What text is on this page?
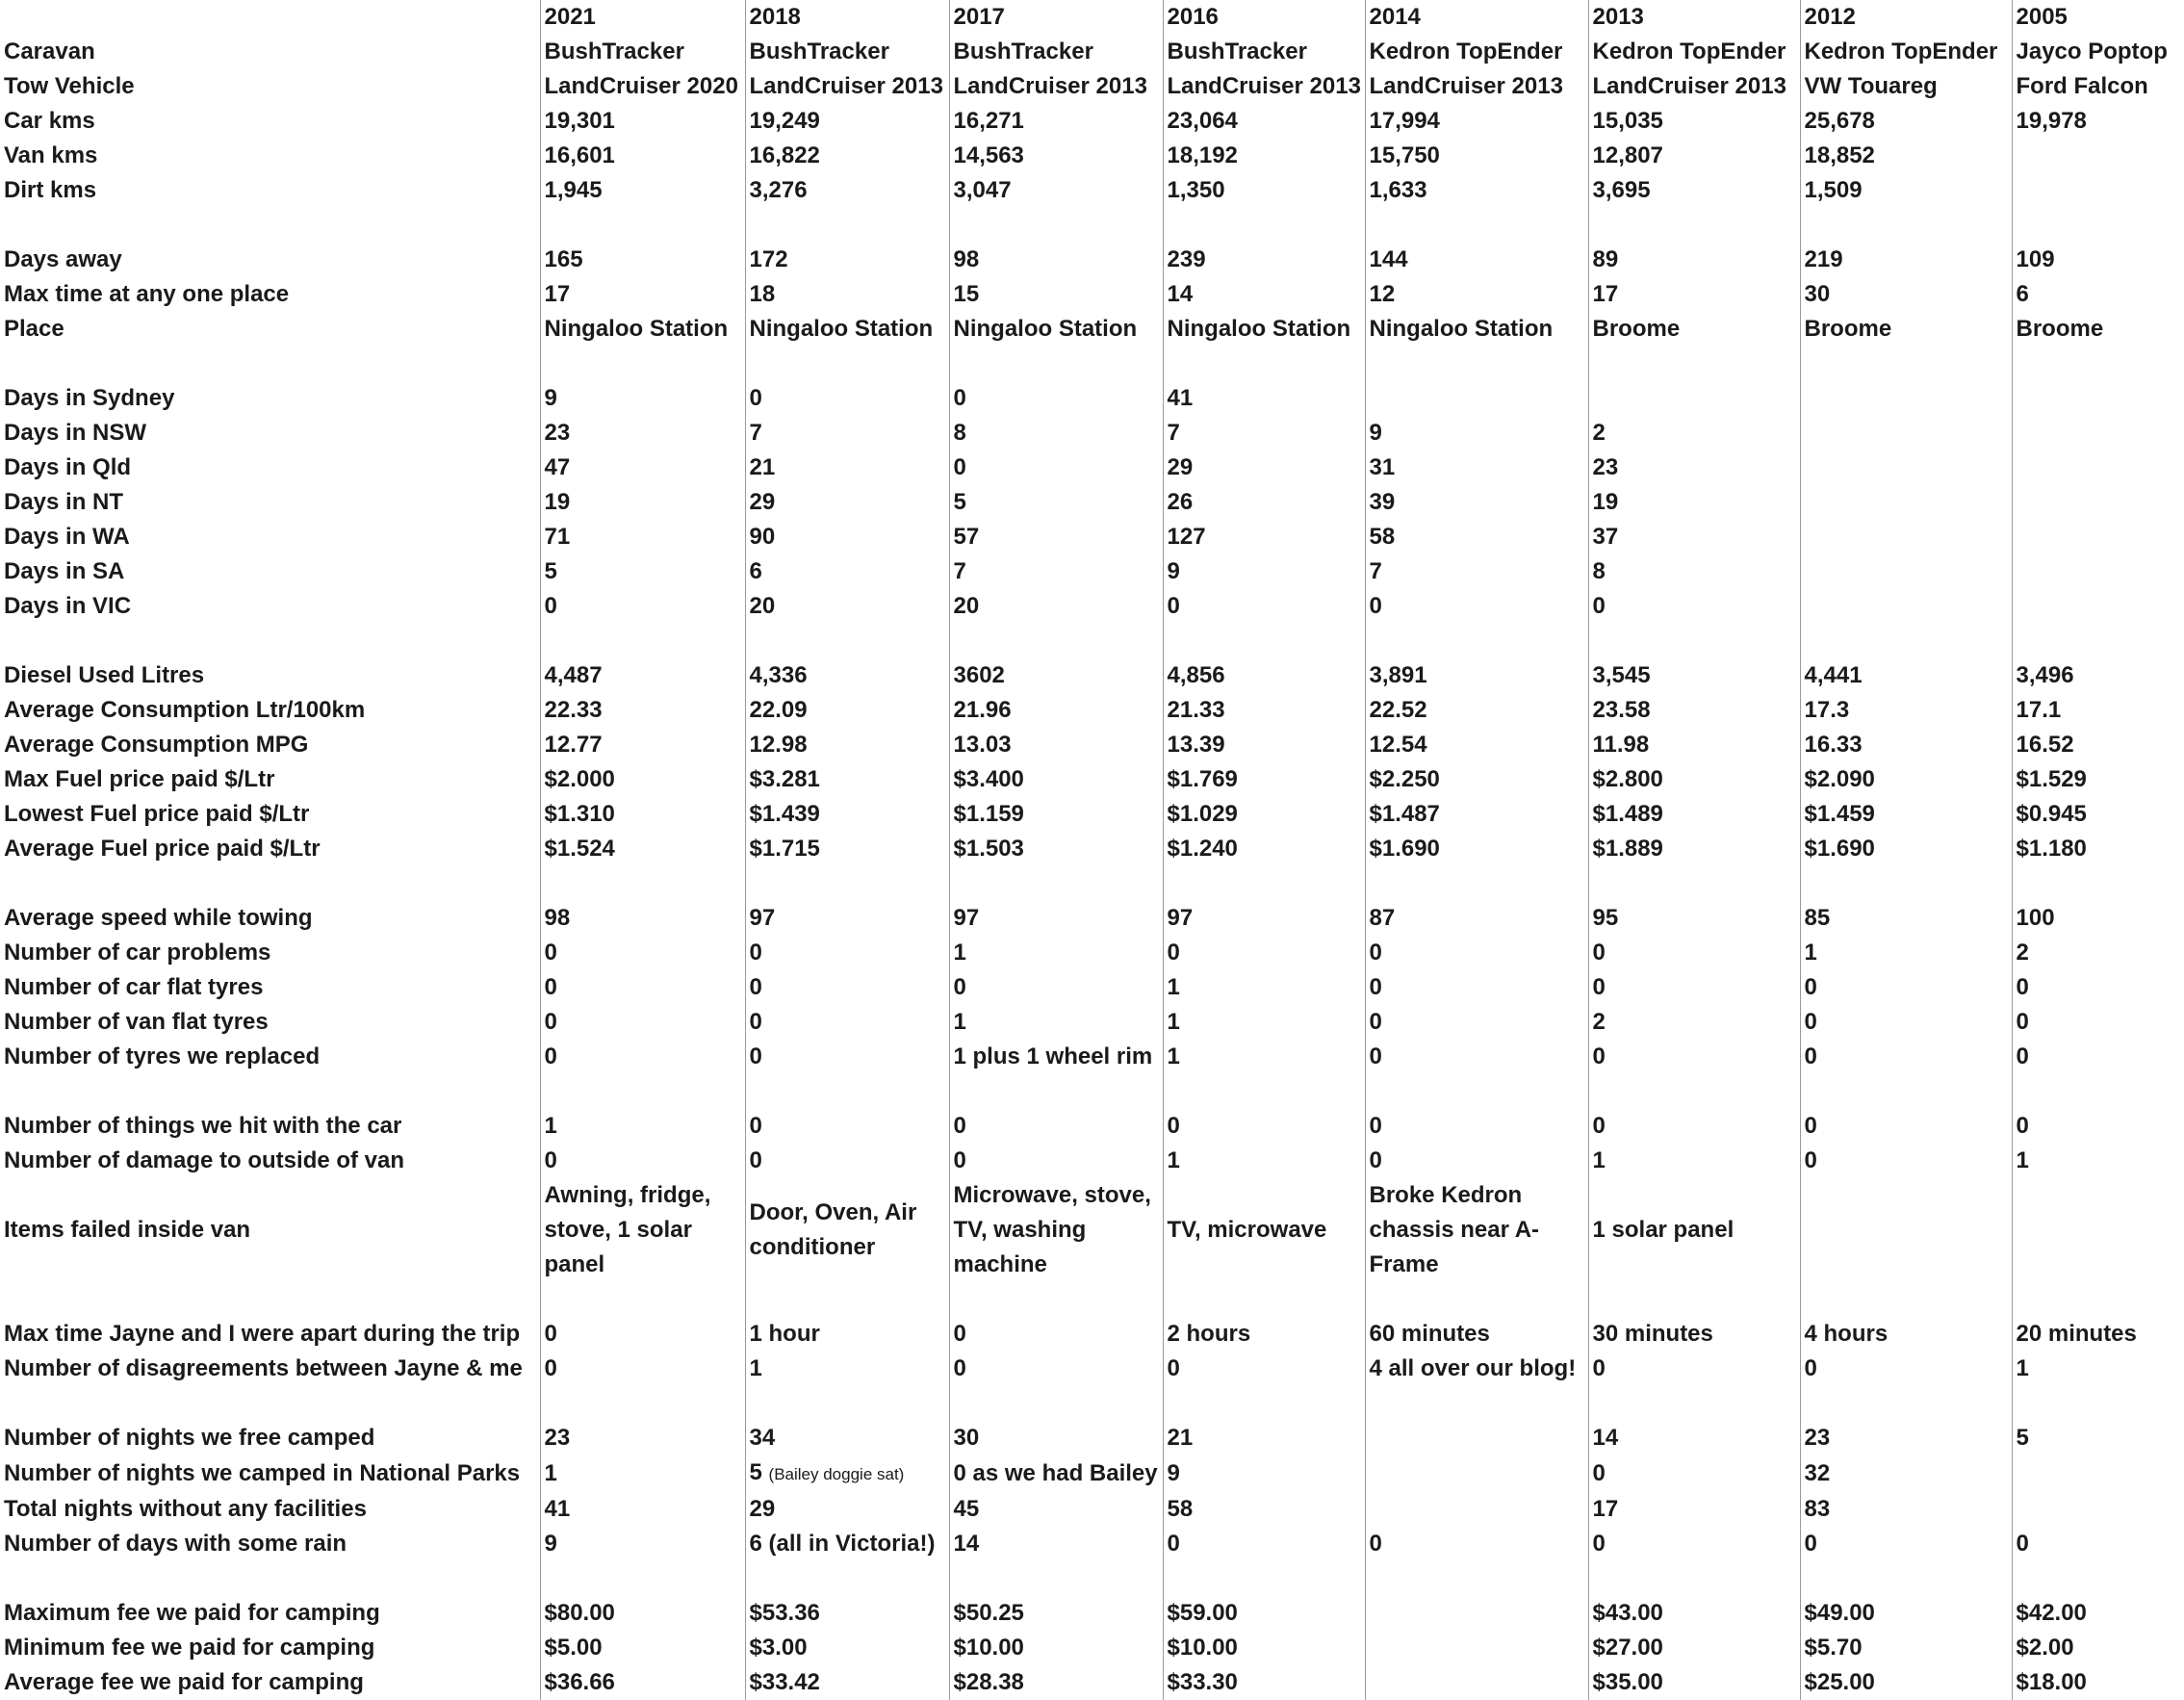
	2021	2018	2017	2016	2014	2013	2012	2005
Caravan	BushTracker	BushTracker	BushTracker	BushTracker	Kedron TopEnder	Kedron TopEnder	Kedron TopEnder	Jayco Poptop
Tow Vehicle	LandCruiser 2020	LandCruiser 2013	LandCruiser 2013	LandCruiser 2013	LandCruiser 2013	LandCruiser 2013	VW Touareg	Ford Falcon
Car kms	19,301	19,249	16,271	23,064	17,994	15,035	25,678	19,978
Van kms	16,601	16,822	14,563	18,192	15,750	12,807	18,852	
Dirt kms	1,945	3,276	3,047	1,350	1,633	3,695	1,509	

Days away	165	172	98	239	144	89	219	109
Max time at any one place	17	18	15	14	12	17	30	6
Place	Ningaloo Station	Ningaloo Station	Ningaloo Station	Ningaloo Station	Ningaloo Station	Broome	Broome	Broome

Days in Sydney	9	0	0	41				
Days in NSW	23	7	8	7	9	2		
Days in Qld	47	21	0	29	31	23		
Days in NT	19	29	5	26	39	19		
Days in WA	71	90	57	127	58	37		
Days in SA	5	6	7	9	7	8		
Days in VIC	0	20	20	0	0	0		

Diesel Used Litres	4,487	4,336	3602	4,856	3,891	3,545	4,441	3,496
Average Consumption Ltr/100km	22.33	22.09	21.96	21.33	22.52	23.58	17.3	17.1
Average Consumption MPG	12.77	12.98	13.03	13.39	12.54	11.98	16.33	16.52
Max Fuel price paid $/Ltr	$2.000	$3.281	$3.400	$1.769	$2.250	$2.800	$2.090	$1.529
Lowest Fuel price paid $/Ltr	$1.310	$1.439	$1.159	$1.029	$1.487	$1.489	$1.459	$0.945
Average Fuel price paid $/Ltr	$1.524	$1.715	$1.503	$1.240	$1.690	$1.889	$1.690	$1.180

Average speed while towing	98	97	97	97	87	95	85	100
Number of car problems	0	0	1	0	0	0	1	2
Number of car flat tyres	0	0	0	1	0	0	0	0
Number of van flat tyres	0	0	1	1	0	2	0	0
Number of tyres we replaced	0	0	1 plus 1 wheel rim	1	0	0	0	0

Number of things we hit with the car	1	0	0	0	0	0	0	0
Number of damage to outside of van	0	0	0	1	0	1	0	1
Items failed inside van	Awning, fridge, stove, 1 solar panel	Door, Oven, Air conditioner	Microwave, stove, TV, washing machine	TV, microwave	Broke Kedron chassis near A-Frame	1 solar panel		

Max time Jayne and I were apart during the trip	0	1 hour	0	2 hours	60 minutes	30 minutes	4 hours	20 minutes
Number of disagreements between Jayne & me	0	1	0	0	4 all over our blog!	0	0	1

Number of nights we free camped	23	34	30	21		14	23	5
Number of nights we camped in National Parks	1	5 (Bailey doggie sat)	0 as we had Bailey	9		0	32	
Total nights without any facilities	41	29	45	58		17	83	
Number of days with some rain	9	6 (all in Victoria!)	14	0	0	0	0	0

Maximum fee we paid for camping	$80.00	$53.36	$50.25	$59.00		$43.00	$49.00	$42.00
Minimum fee we paid for camping	$5.00	$3.00	$10.00	$10.00		$27.00	$5.70	$2.00
Average fee we paid for camping	$36.66	$33.42	$28.38	$33.30		$35.00	$25.00	$18.00
